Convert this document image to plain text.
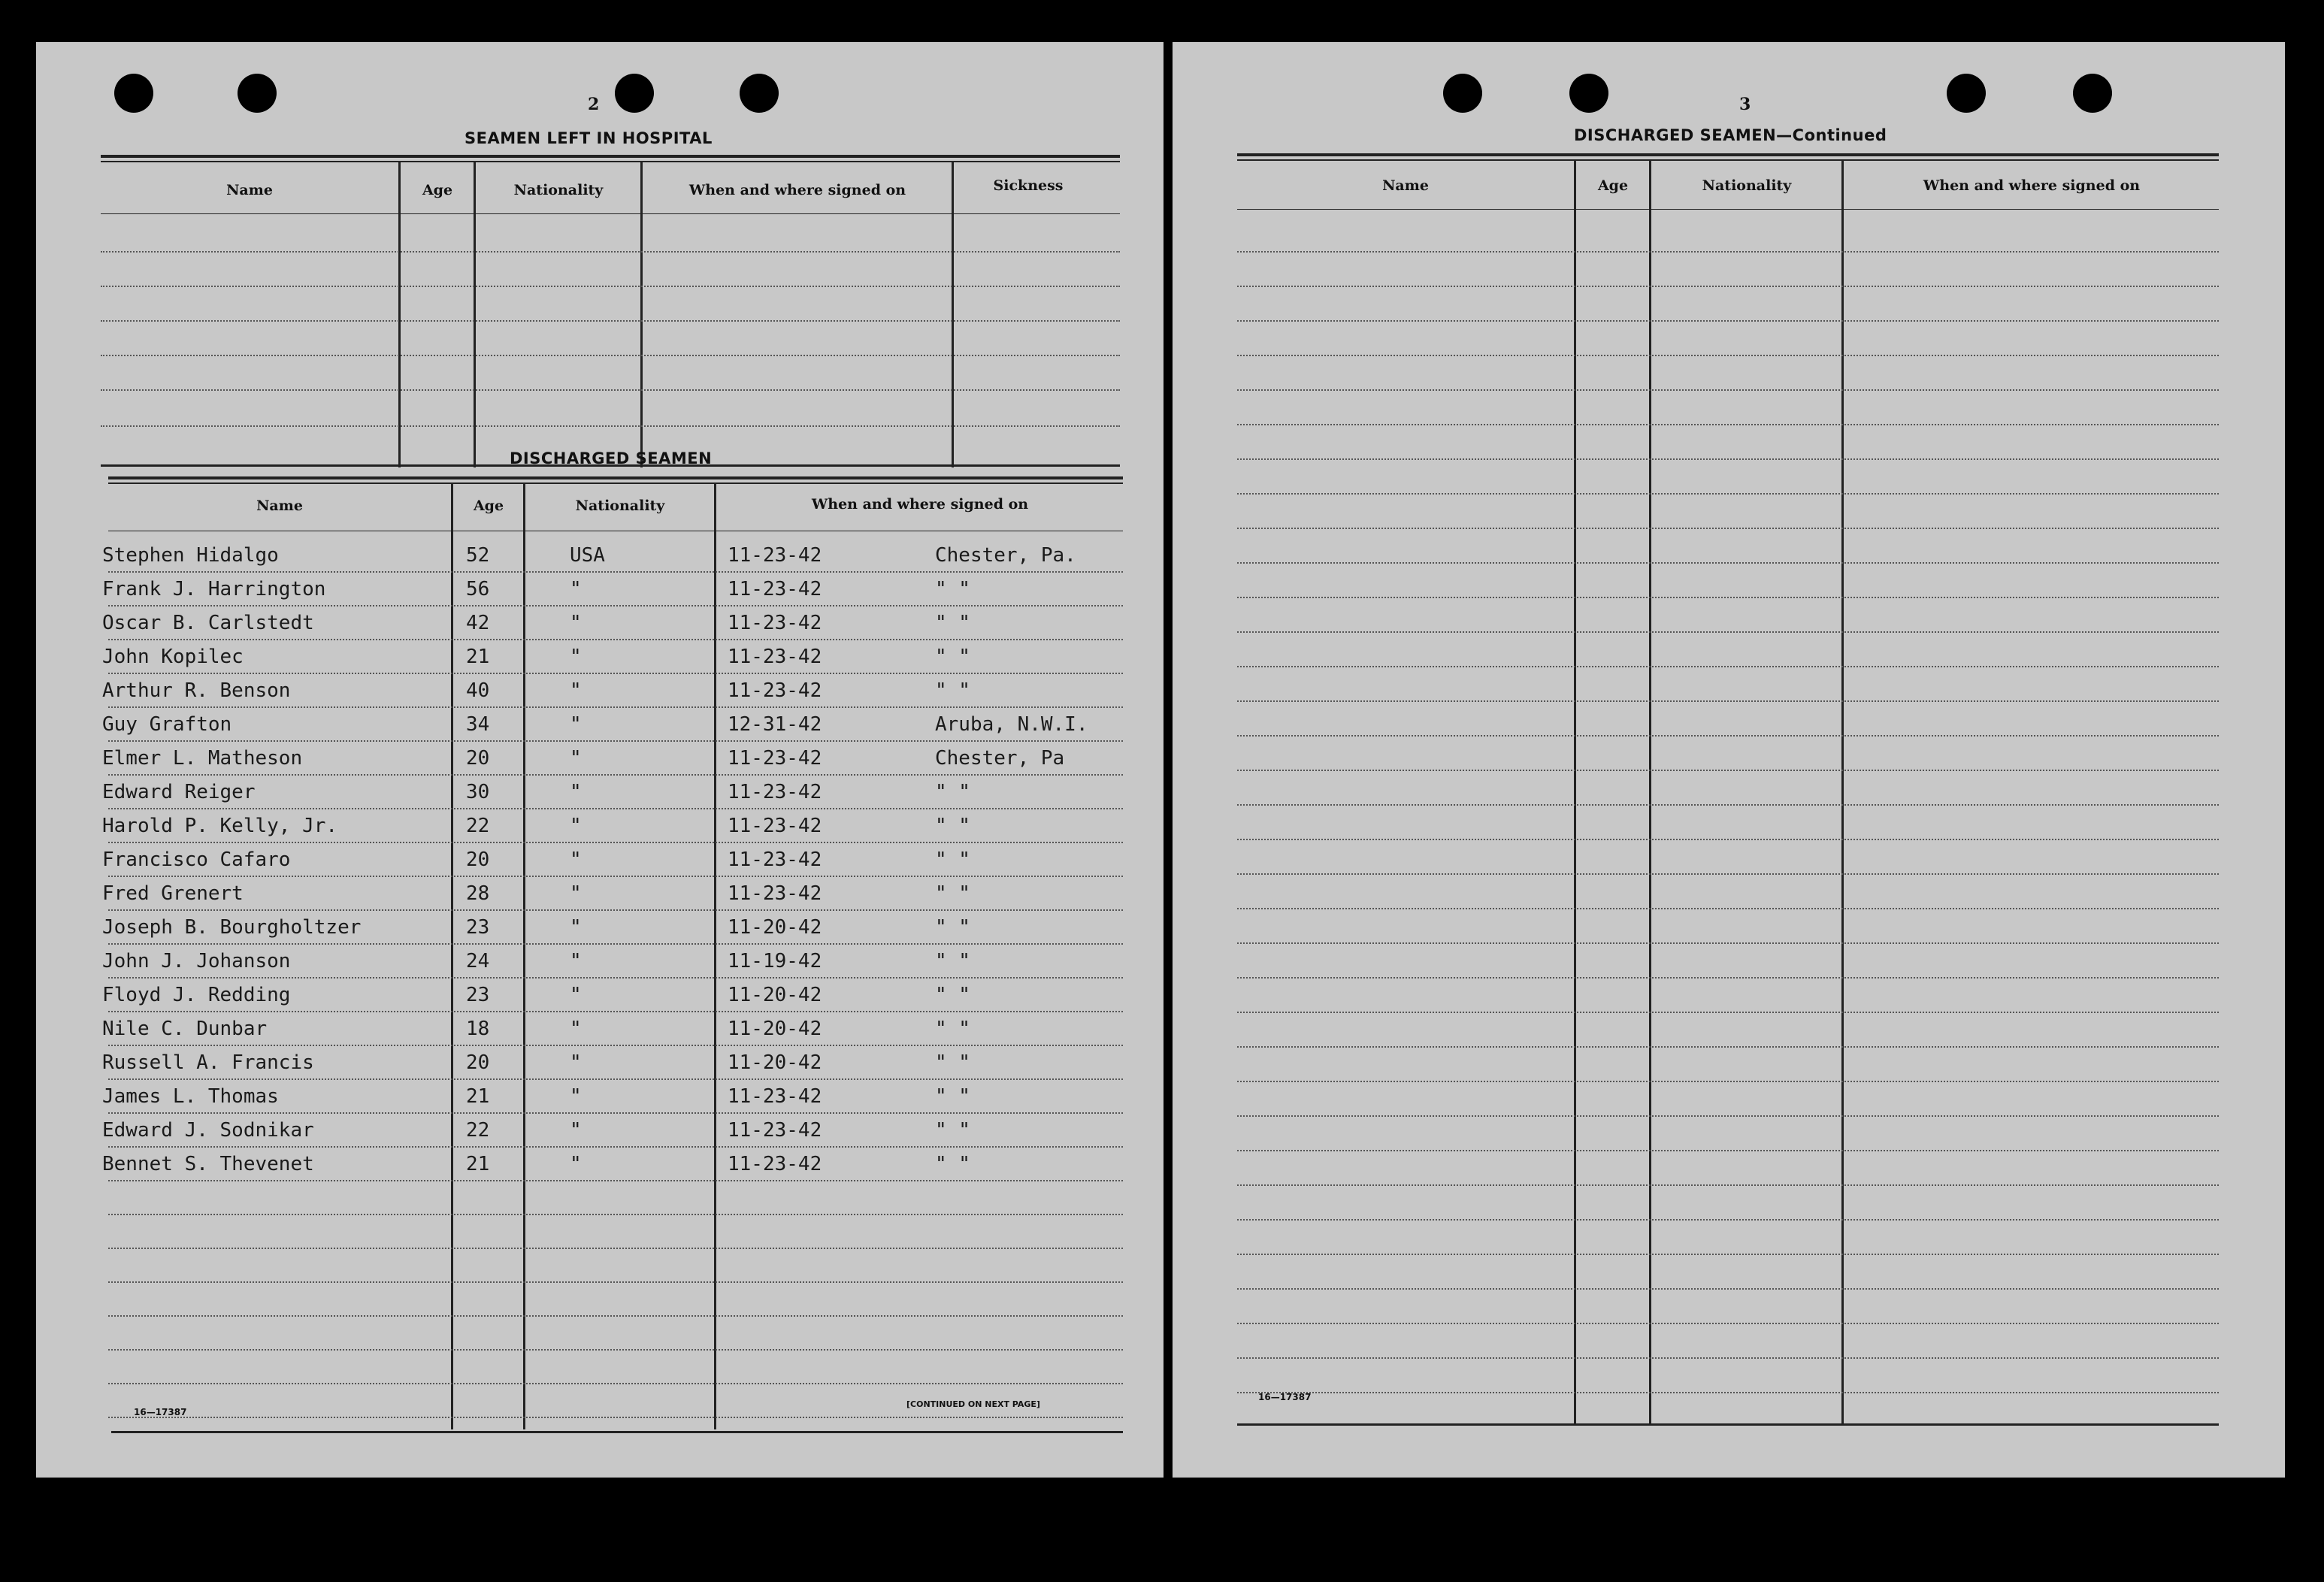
2
SEAMEN LEFT IN HOSPITAL
Name	Age	Nationality	When and where signed on	Sickness
DISCHARGED SEAMEN
Name	Age	Nationality	When and where signed on
Stephen Hidalgo	52	USA	11-23-42	Chester, Pa.
Frank J. Harrington	56	"	11-23-42	" "
Oscar B. Carlstedt	42	"	11-23-42	" "
John Kopilec	21	"	11-23-42	" "
Arthur R. Benson	40	"	11-23-42	" "
Guy Grafton	34	"	12-31-42	Aruba, N.W.I.
Elmer L. Matheson	20	"	11-23-42	Chester, Pa
Edward Reiger	30	"	11-23-42	" "
Harold P. Kelly, Jr.	22	"	11-23-42	" "
Francisco Cafaro	20	"	11-23-42	" "
Fred Grenert	28	"	11-23-42	" "
Joseph B. Bourgholtzer	23	"	11-20-42	" "
John J. Johanson	24	"	11-19-42	" "
Floyd J. Redding	23	"	11-20-42	" "
Nile C. Dunbar	18	"	11-20-42	" "
Russell A. Francis	20	"	11-20-42	" "
James L. Thomas	21	"	11-23-42	" "
Edward J. Sodnikar	22	"	11-23-42	" "
Bennet S. Thevenet	21	"	11-23-42	" "
16—17387
[CONTINUED ON NEXT PAGE]
3
DISCHARGED SEAMEN—Continued
Name	Age	Nationality	When and where signed on
16—17387
